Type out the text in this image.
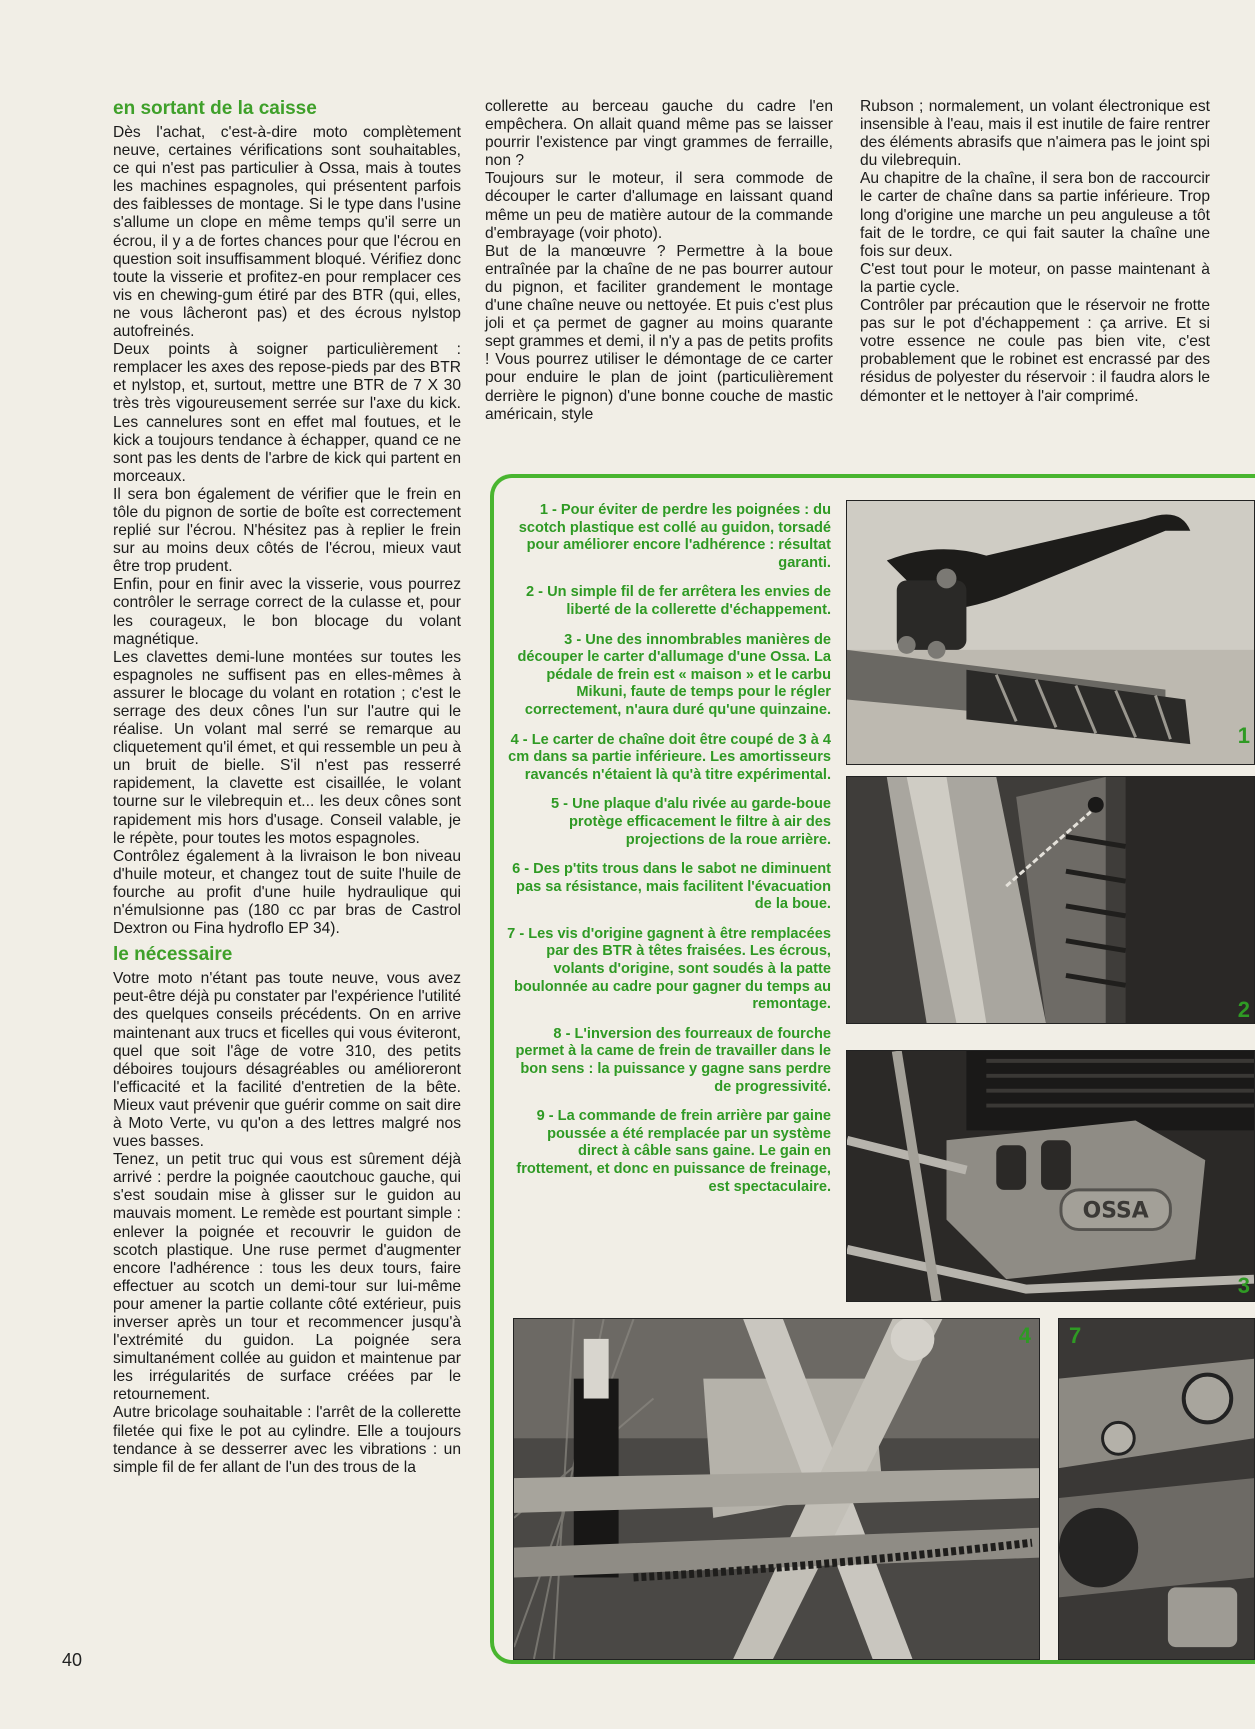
en sortant de la caisse

Dès l'achat, c'est-à-dire moto complètement neuve, certaines vérifications sont souhaitables, ce qui n'est pas particulier à Ossa, mais à toutes les machines espagnoles, qui présentent parfois des faiblesses de montage. Si le type dans l'usine s'allume un clope en même temps qu'il serre un écrou, il y a de fortes chances pour que l'écrou en question soit insuffisamment bloqué. Vérifiez donc toute la visserie et profitez-en pour remplacer ces vis en chewing-gum étiré par des BTR (qui, elles, ne vous lâcheront pas) et des écrous nylstop autofreinés.

Deux points à soigner particulièrement : remplacer les axes des repose-pieds par des BTR et nylstop, et, surtout, mettre une BTR de 7 X 30 très très vigoureusement serrée sur l'axe du kick. Les cannelures sont en effet mal foutues, et le kick a toujours tendance à échapper, quand ce ne sont pas les dents de l'arbre de kick qui partent en morceaux.

Il sera bon également de vérifier que le frein en tôle du pignon de sortie de boîte est correctement replié sur l'écrou. N'hésitez pas à replier le frein sur au moins deux côtés de l'écrou, mieux vaut être trop prudent.

Enfin, pour en finir avec la visserie, vous pourrez contrôler le serrage correct de la culasse et, pour les courageux, le bon blocage du volant magnétique.

Les clavettes demi-lune montées sur toutes les espagnoles ne suffisent pas en elles-mêmes à assurer le blocage du volant en rotation ; c'est le serrage des deux cônes l'un sur l'autre qui le réalise. Un volant mal serré se remarque au cliquetement qu'il émet, et qui ressemble un peu à un bruit de bielle. S'il n'est pas resserré rapidement, la clavette est cisaillée, le volant tourne sur le vilebrequin et... les deux cônes sont rapidement mis hors d'usage. Conseil valable, je le répète, pour toutes les motos espagnoles.

Contrôlez également à la livraison le bon niveau d'huile moteur, et changez tout de suite l'huile de fourche au profit d'une huile hydraulique qui n'émulsionne pas (180 cc par bras de Castrol Dextron ou Fina hydroflo EP 34).

le nécessaire

Votre moto n'étant pas toute neuve, vous avez peut-être déjà pu constater par l'expérience l'utilité des quelques conseils précédents. On en arrive maintenant aux trucs et ficelles qui vous éviteront, quel que soit l'âge de votre 310, des petits déboires toujours désagréables ou amélioreront l'efficacité et la facilité d'entretien de la bête. Mieux vaut prévenir que guérir comme on sait dire à Moto Verte, vu qu'on a des lettres malgré nos vues basses.

Tenez, un petit truc qui vous est sûrement déjà arrivé : perdre la poignée caoutchouc gauche, qui s'est soudain mise à glisser sur le guidon au mauvais moment. Le remède est pourtant simple : enlever la poignée et recouvrir le guidon de scotch plastique. Une ruse permet d'augmenter encore l'adhérence : tous les deux tours, faire effectuer au scotch un demi-tour sur lui-même pour amener la partie collante côté extérieur, puis inverser après un tour et recommencer jusqu'à l'extrémité du guidon. La poignée sera simultanément collée au guidon et maintenue par les irrégularités de surface créées par le retournement.

Autre bricolage souhaitable : l'arrêt de la collerette filetée qui fixe le pot au cylindre. Elle a toujours tendance à se desserrer avec les vibrations : un simple fil de fer allant de l'un des trous de la

collerette au berceau gauche du cadre l'en empêchera. On allait quand même pas se laisser pourrir l'existence par vingt grammes de ferraille, non ?

Toujours sur le moteur, il sera commode de découper le carter d'allumage en laissant quand même un peu de matière autour de la commande d'embrayage (voir photo).

But de la manœuvre ? Permettre à la boue entraînée par la chaîne de ne pas bourrer autour du pignon, et faciliter grandement le montage d'une chaîne neuve ou nettoyée. Et puis c'est plus joli et ça permet de gagner au moins quarante sept grammes et demi, il n'y a pas de petits profits ! Vous pourrez utiliser le démontage de ce carter pour enduire le plan de joint (particulièrement derrière le pignon) d'une bonne couche de mastic américain, style

Rubson ; normalement, un volant électronique est insensible à l'eau, mais il est inutile de faire rentrer des éléments abrasifs que n'aimera pas le joint spi du vilebrequin.

Au chapitre de la chaîne, il sera bon de raccourcir le carter de chaîne dans sa partie inférieure. Trop long d'origine une marche un peu anguleuse a tôt fait de le tordre, ce qui fait sauter la chaîne une fois sur deux.

C'est tout pour le moteur, on passe maintenant à la partie cycle.

Contrôler par précaution que le réservoir ne frotte pas sur le pot d'échappement : ça arrive. Et si votre essence ne coule pas bien vite, c'est probablement que le robinet est encrassé par des résidus de polyester du réservoir : il faudra alors le démonter et le nettoyer à l'air comprimé.

1 - Pour éviter de perdre les poignées : du scotch plastique est collé au guidon, torsadé pour améliorer encore l'adhérence : résultat garanti.

2 - Un simple fil de fer arrêtera les envies de liberté de la collerette d'échappement.

3 - Une des innombrables manières de découper le carter d'allumage d'une Ossa. La pédale de frein est « maison » et le carbu Mikuni, faute de temps pour le régler correctement, n'aura duré qu'une quinzaine.

4 - Le carter de chaîne doit être coupé de 3 à 4 cm dans sa partie inférieure. Les amortisseurs ravancés n'étaient là qu'à titre expérimental.

5 - Une plaque d'alu rivée au garde-boue protège efficacement le filtre à air des projections de la roue arrière.

6 - Des p'tits trous dans le sabot ne diminuent pas sa résistance, mais facilitent l'évacuation de la boue.

7 - Les vis d'origine gagnent à être remplacées par des BTR à têtes fraisées. Les écrous, volants d'origine, sont soudés à la patte boulonnée au cadre pour gagner du temps au remontage.

8 - L'inversion des fourreaux de fourche permet à la came de frein de travailler dans le bon sens : la puissance y gagne sans perdre de progressivité.

9 - La commande de frein arrière par gaine poussée a été remplacée par un système direct à câble sans gaine. Le gain en frottement, et donc en puissance de freinage, est spectaculaire.

1
2
OSSA
3
4 7
40
